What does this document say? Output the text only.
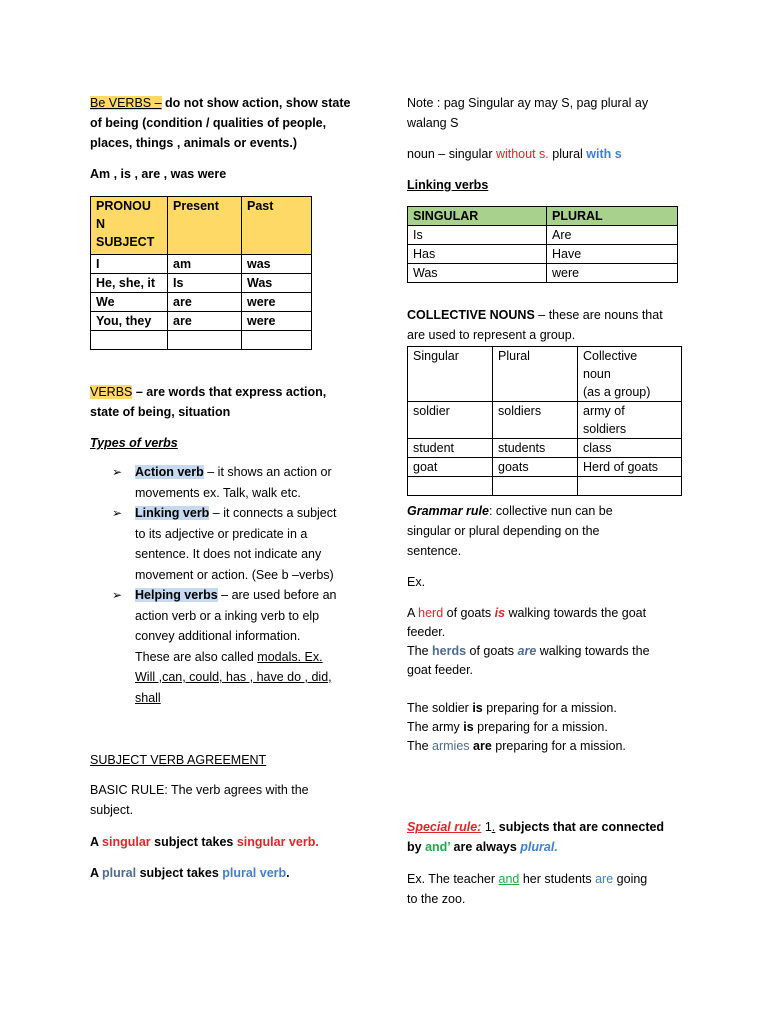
Be VERBS – do not show action, show state
of being (condition / qualities of people,
places, things , animals or events.)

Am , is , are , was were

PRONOU
N
SUBJECT	Present	Past
I	am	was
He, she, it	Is	Was
We	are	were
You, they	are	were

VERBS – are words that express action,
state of being, situation

Types of verbs

➢ Action verb – it shows an action or
movements ex. Talk, walk etc.
➢ Linking verb – it connects a subject
to its adjective or predicate in a
sentence. It does not indicate any
movement or action. (See b –verbs)
➢ Helping verbs – are used before an
action verb or a inking verb to elp
convey additional information.
These are also called modals. Ex.
Will ,can, could, has , have do , did,
shall

SUBJECT VERB AGREEMENT

BASIC RULE: The verb agrees with the
subject.

A singular subject takes singular verb.

A plural subject takes plural verb.

Note : pag Singular ay may S, pag plural ay
walang S

noun – singular without s. plural with s

Linking verbs

SINGULAR	PLURAL
Is	Are
Has	Have
Was	were

COLLECTIVE NOUNS – these are nouns that
are used to represent a group.

Singular	Plural	Collective
noun
(as a group)
soldier	soldiers	army of
soldiers
student	students	class
goat	goats	Herd of goats

Grammar rule: collective nun can be
singular or plural depending on the
sentence.

Ex.

A herd of goats is walking towards the goat
feeder.
The herds of goats are walking towards the
goat feeder.

The soldier is preparing for a mission.
The army is preparing for a mission.
The armies are preparing for a mission.

Special rule: 1. subjects that are connected
by and’ are always plural.

Ex. The teacher and her students are going
to the zoo.
